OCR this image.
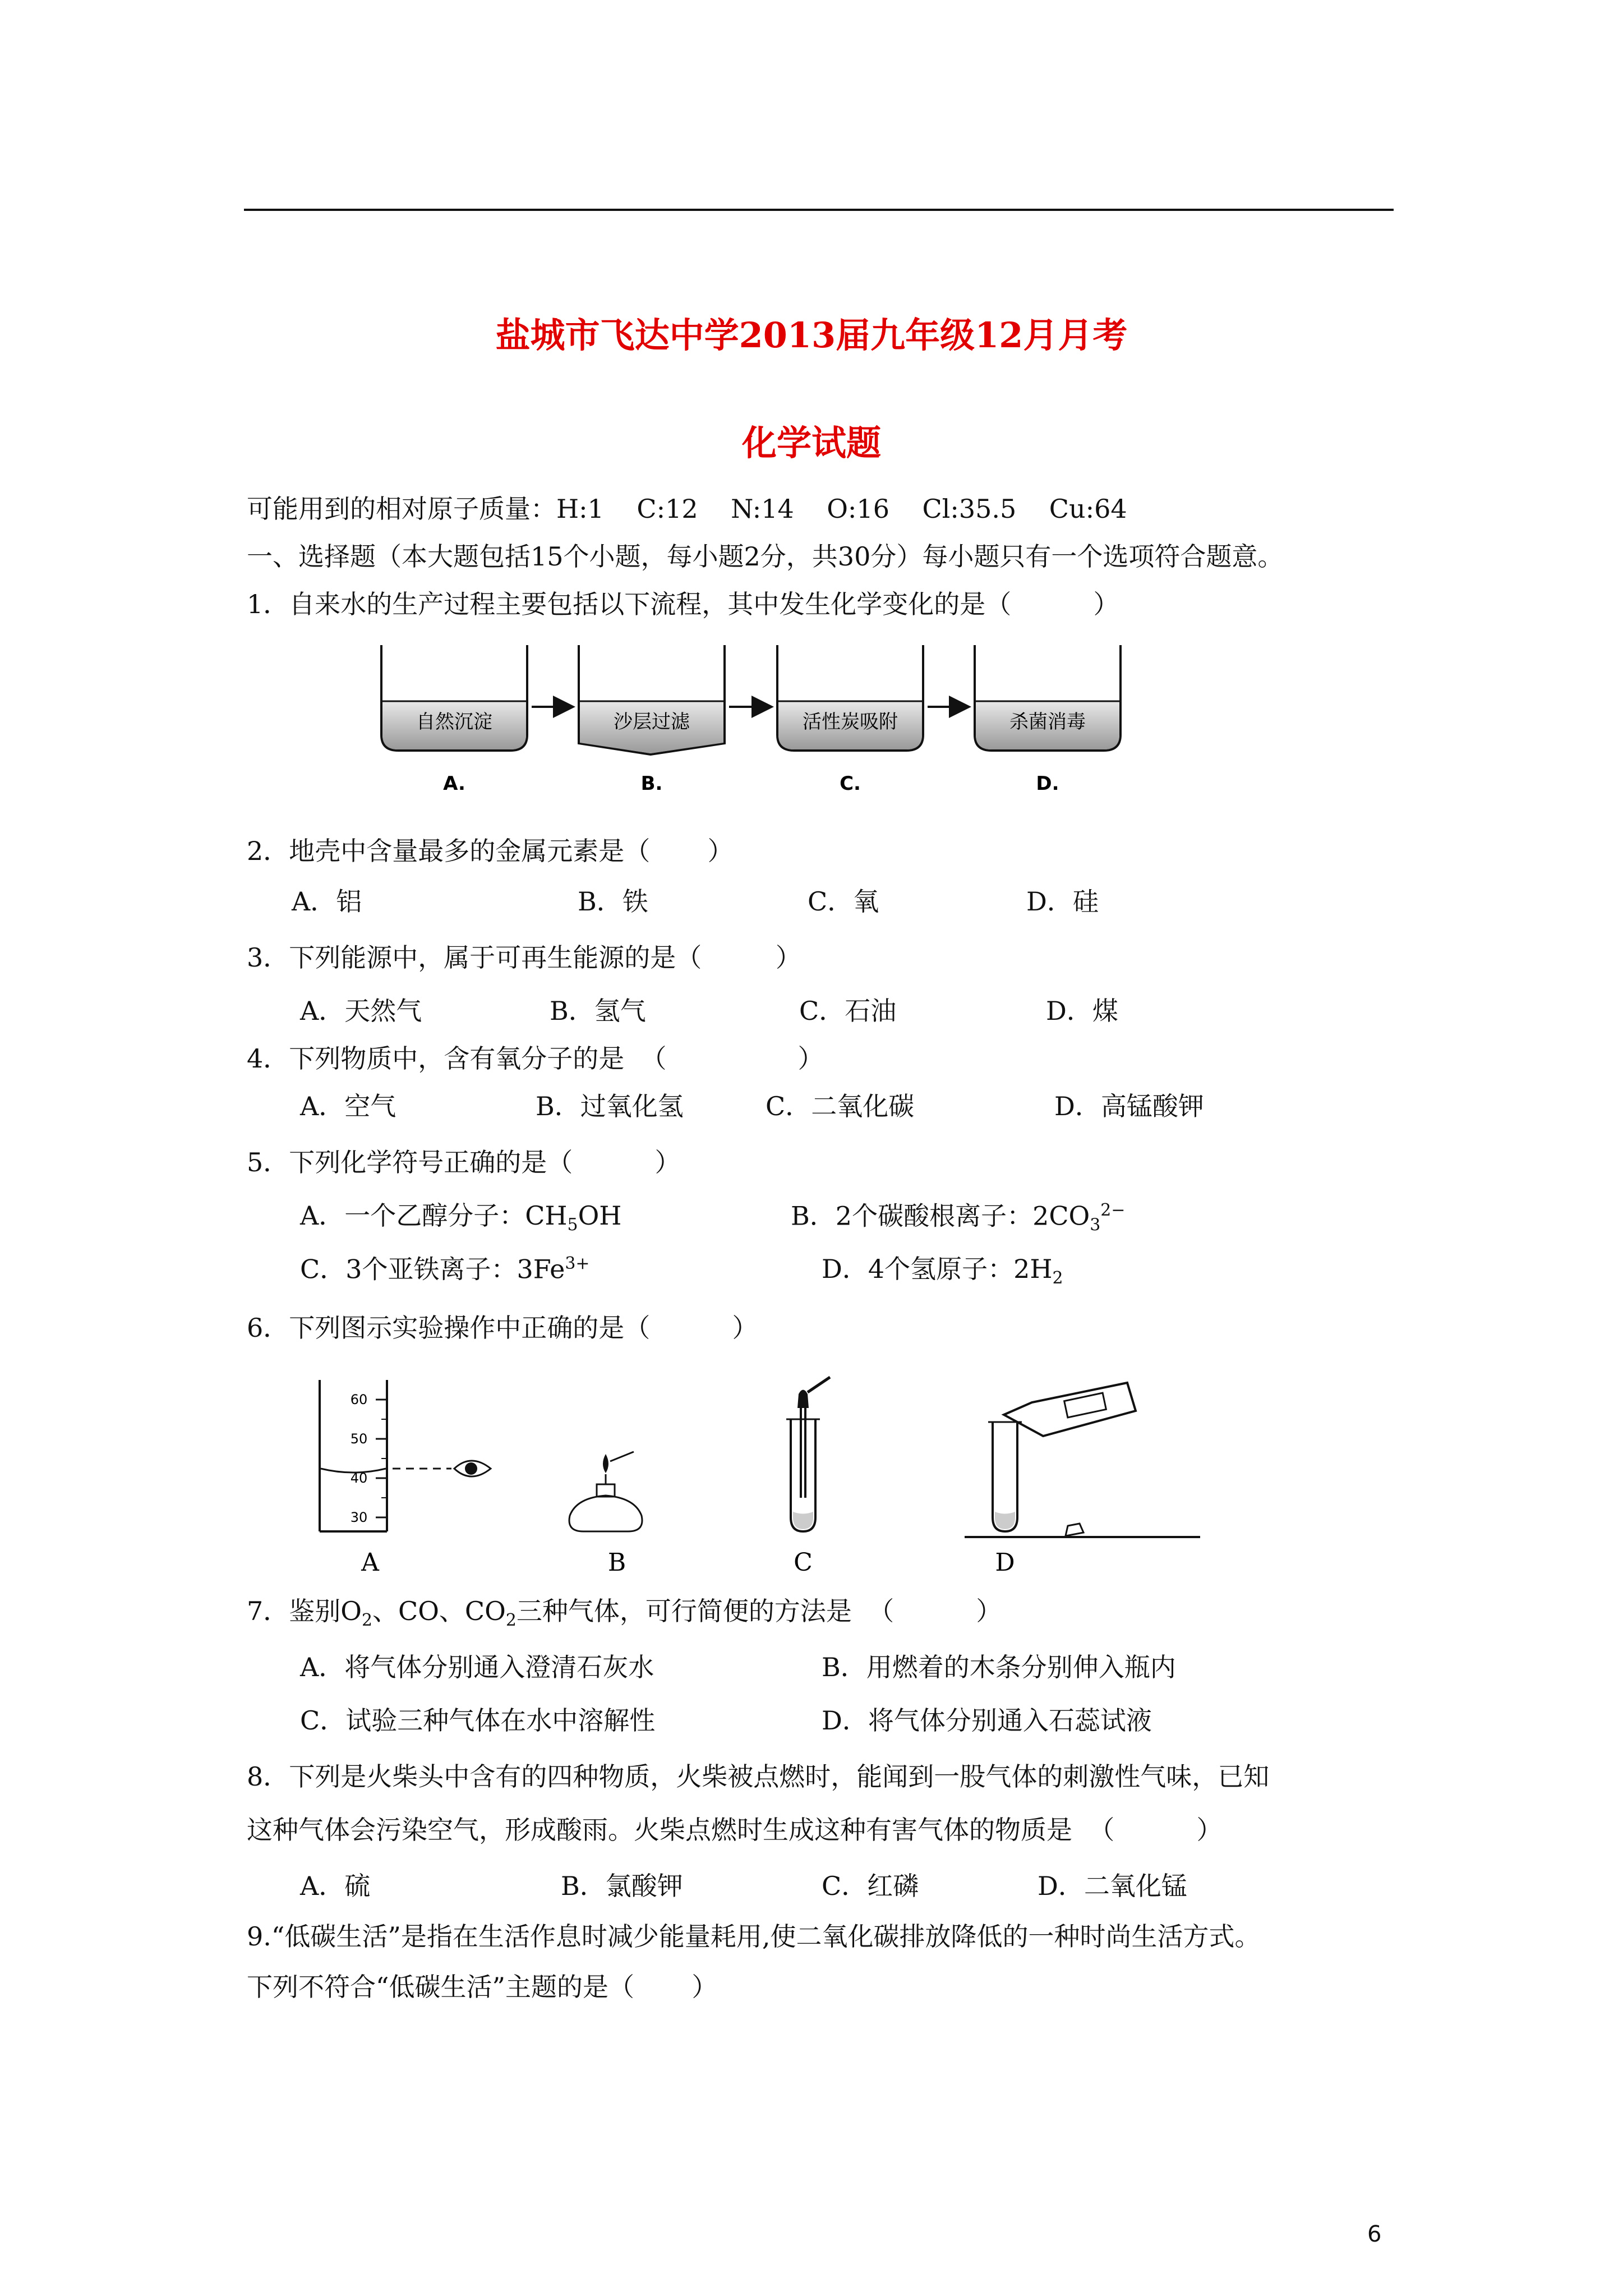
盐城市飞达中学2013届九年级12月月考
化学试题
可能用到的相对原子质量：H:1    C:12    N:14    O:16    Cl:35.5    Cu:64
一、选择题（本大题包括15个小题，每小题2分，共30分）每小题只有一个选项符合题意。
1．自来水的生产过程主要包括以下流程，其中发生化学变化的是（          ）
自然沉淀	沙层过滤	活性炭吸附	杀菌消毒
A.	B.	C.	D.
2．地壳中含量最多的金属元素是（       ）
A．铝	B．铁	C．氧	D．硅
3．下列能源中，属于可再生能源的是（         ）
A．天然气	B．氢气	C．石油	D．煤
4．下列物质中，含有氧分子的是  （                ）
A．空气	B．过氧化氢	C．二氧化碳	D．高锰酸钾
5．下列化学符号正确的是（          ）
A．一个乙醇分子：$CH_5OH$	B．2个碳酸根离子：$2CO_3^{2-}$
C．3个亚铁离子：$3Fe^{3+}$	D．4个氢原子：$2H_2$
6．下列图示实验操作中正确的是（          ）
60
50
40
30
A	B	C	D
7．鉴别$O_2$、CO、$CO_2$三种气体，可行简便的方法是  （          ）
A．将气体分别通入澄清石灰水	B．用燃着的木条分别伸入瓶内
C．试验三种气体在水中溶解性	D．将气体分别通入石蕊试液
8．下列是火柴头中含有的四种物质，火柴被点燃时，能闻到一股气体的刺激性气味，已知
这种气体会污染空气，形成酸雨。火柴点燃时生成这种有害气体的物质是  （          ）
A．硫	B．氯酸钾	C．红磷	D．二氧化锰
9.“低碳生活”是指在生活作息时减少能量耗用,使二氧化碳排放降低的一种时尚生活方式。
下列不符合“低碳生活”主题的是（       ）
6
